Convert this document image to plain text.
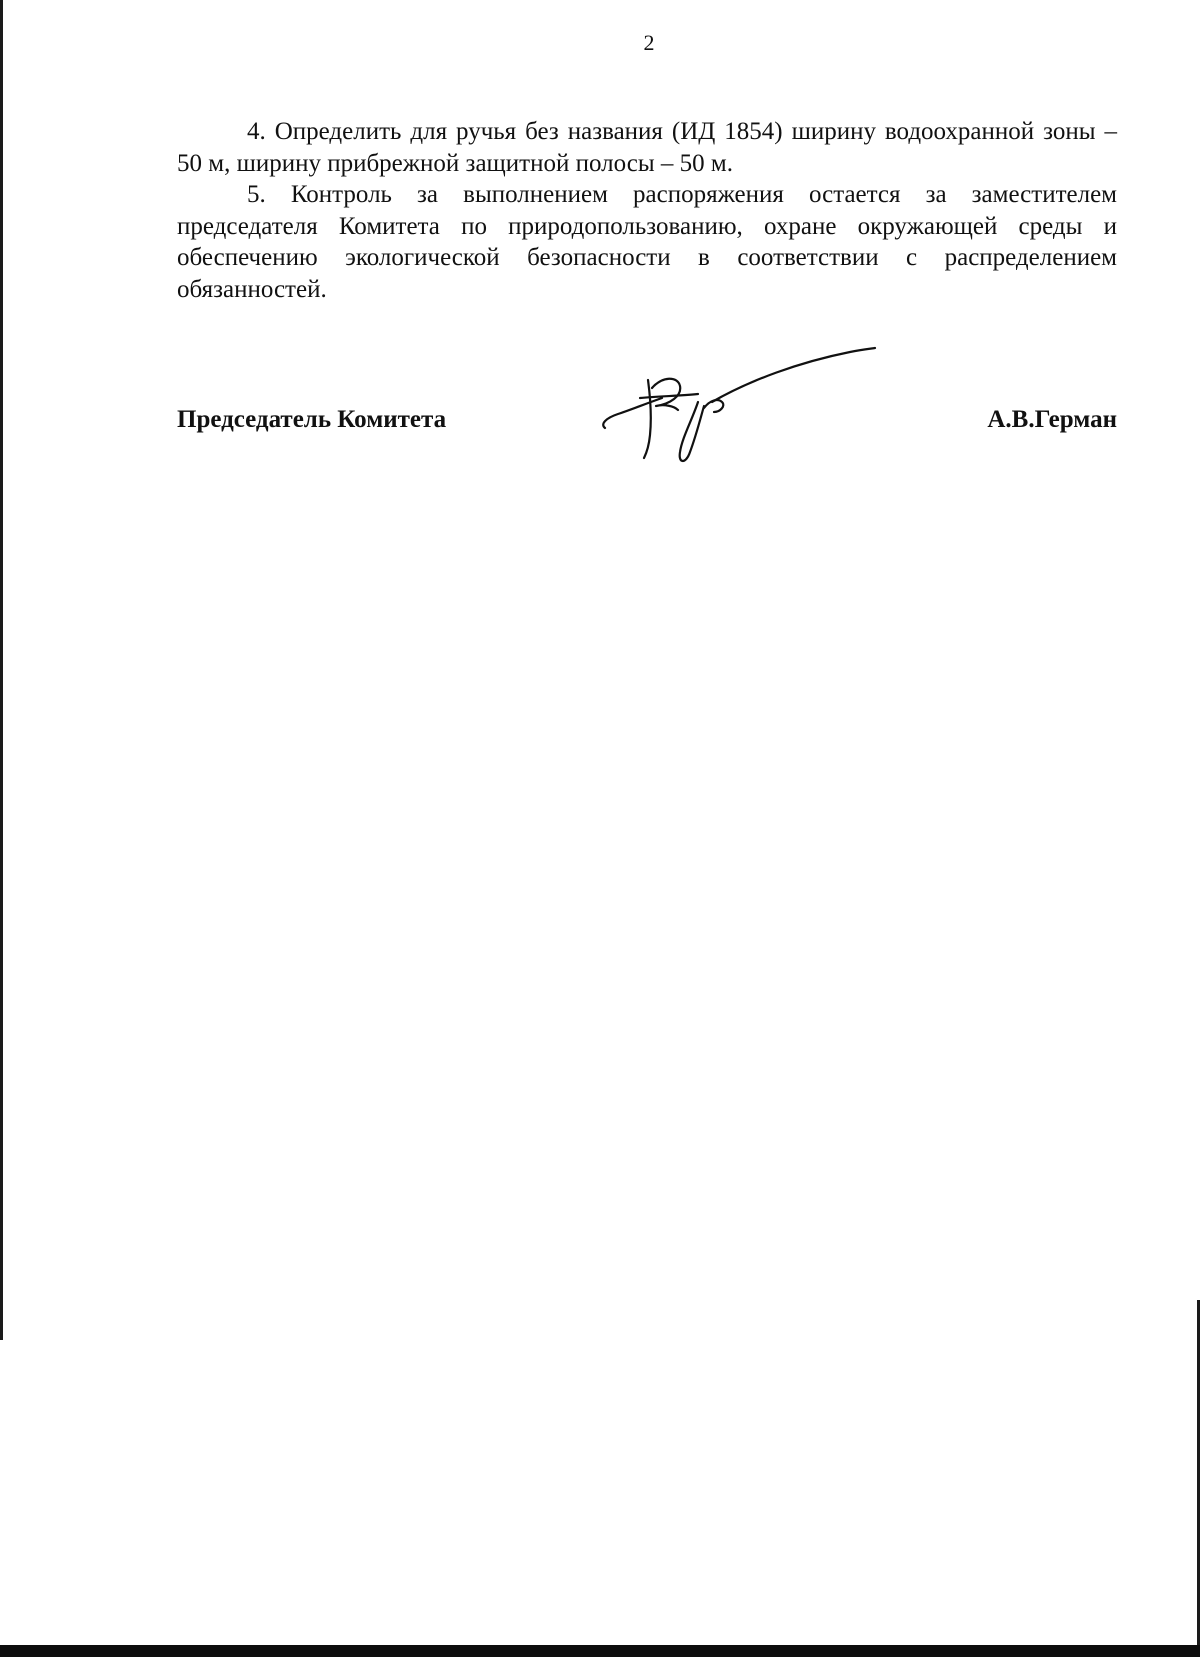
2

4. Определить для ручья без названия (ИД 1854) ширину водоохранной зоны – 50 м, ширину прибрежной защитной полосы – 50 м.

5. Контроль за выполнением распоряжения остается за заместителем председателя Комитета по природопользованию, охране окружающей среды и обеспечению экологической безопасности в соответствии с распределением обязанностей.

Председатель Комитета	А.В.Герман
